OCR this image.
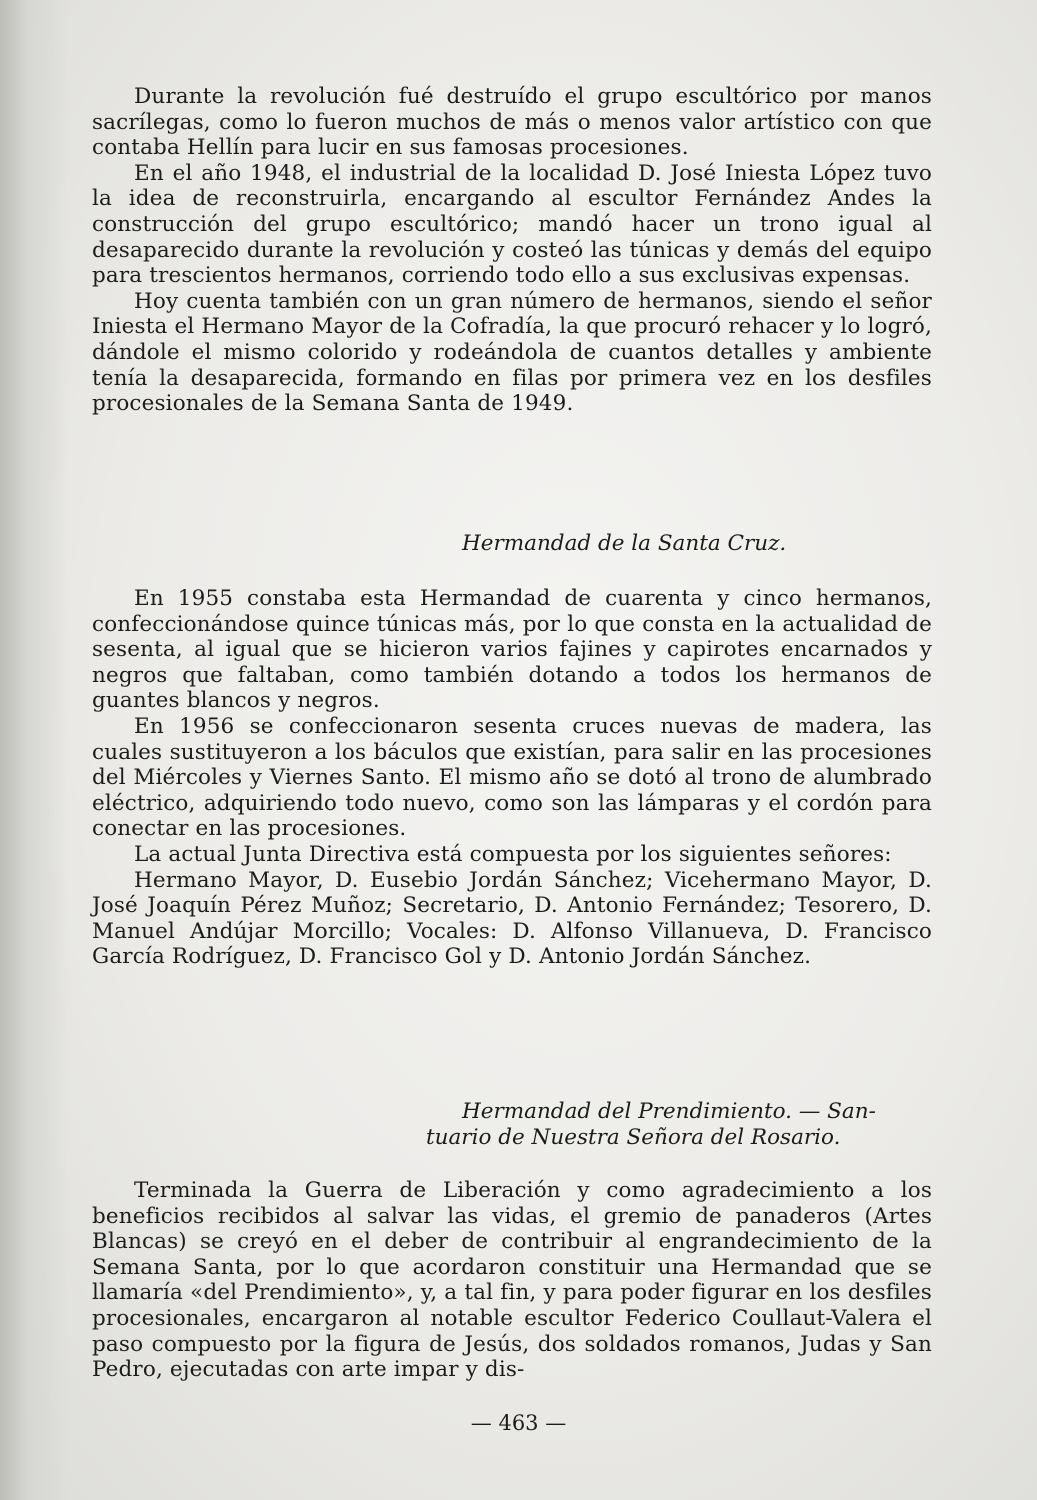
Durante la revolución fué destruído el grupo escultórico por manos sacrílegas, como lo fueron muchos de más o menos valor artístico con que contaba Hellín para lucir en sus famosas procesiones.

En el año 1948, el industrial de la localidad D. José Iniesta López tuvo la idea de reconstruirla, encargando al escultor Fernández Andes la construcción del grupo escultórico; mandó hacer un trono igual al desaparecido durante la revolución y costeó las túnicas y demás del equipo para trescientos hermanos, corriendo todo ello a sus exclusivas expensas.

Hoy cuenta también con un gran número de hermanos, siendo el señor Iniesta el Hermano Mayor de la Cofradía, la que procuró rehacer y lo logró, dándole el mismo colorido y rodeándola de cuantos detalles y ambiente tenía la desaparecida, formando en filas por primera vez en los desfiles procesionales de la Semana Santa de 1949.

Hermandad de la Santa Cruz.

En 1955 constaba esta Hermandad de cuarenta y cinco hermanos, confeccionándose quince túnicas más, por lo que consta en la actualidad de sesenta, al igual que se hicieron varios fajines y capirotes encarnados y negros que faltaban, como también dotando a todos los hermanos de guantes blancos y negros.

En 1956 se confeccionaron sesenta cruces nuevas de madera, las cuales sustituyeron a los báculos que existían, para salir en las procesiones del Miércoles y Viernes Santo. El mismo año se dotó al trono de alumbrado eléctrico, adquiriendo todo nuevo, como son las lámparas y el cordón para conectar en las procesiones.

La actual Junta Directiva está compuesta por los siguientes señores:

Hermano Mayor, D. Eusebio Jordán Sánchez; Vicehermano Mayor, D. José Joaquín Pérez Muñoz; Secretario, D. Antonio Fernández; Tesorero, D. Manuel Andújar Morcillo; Vocales: D. Alfonso Villanueva, D. Francisco García Rodríguez, D. Francisco Gol y D. Antonio Jordán Sánchez.

Hermandad del Prendimiento. — San-
tuario de Nuestra Señora del Rosario.

Terminada la Guerra de Liberación y como agradecimiento a los beneficios recibidos al salvar las vidas, el gremio de panaderos (Artes Blancas) se creyó en el deber de contribuir al engrandecimiento de la Semana Santa, por lo que acordaron constituir una Hermandad que se llamaría «del Prendimiento», y, a tal fin, y para poder figurar en los desfiles procesionales, encargaron al notable escultor Federico Coullaut-Valera el paso compuesto por la figura de Jesús, dos soldados romanos, Judas y San Pedro, ejecutadas con arte impar y dis-

— 463 —
